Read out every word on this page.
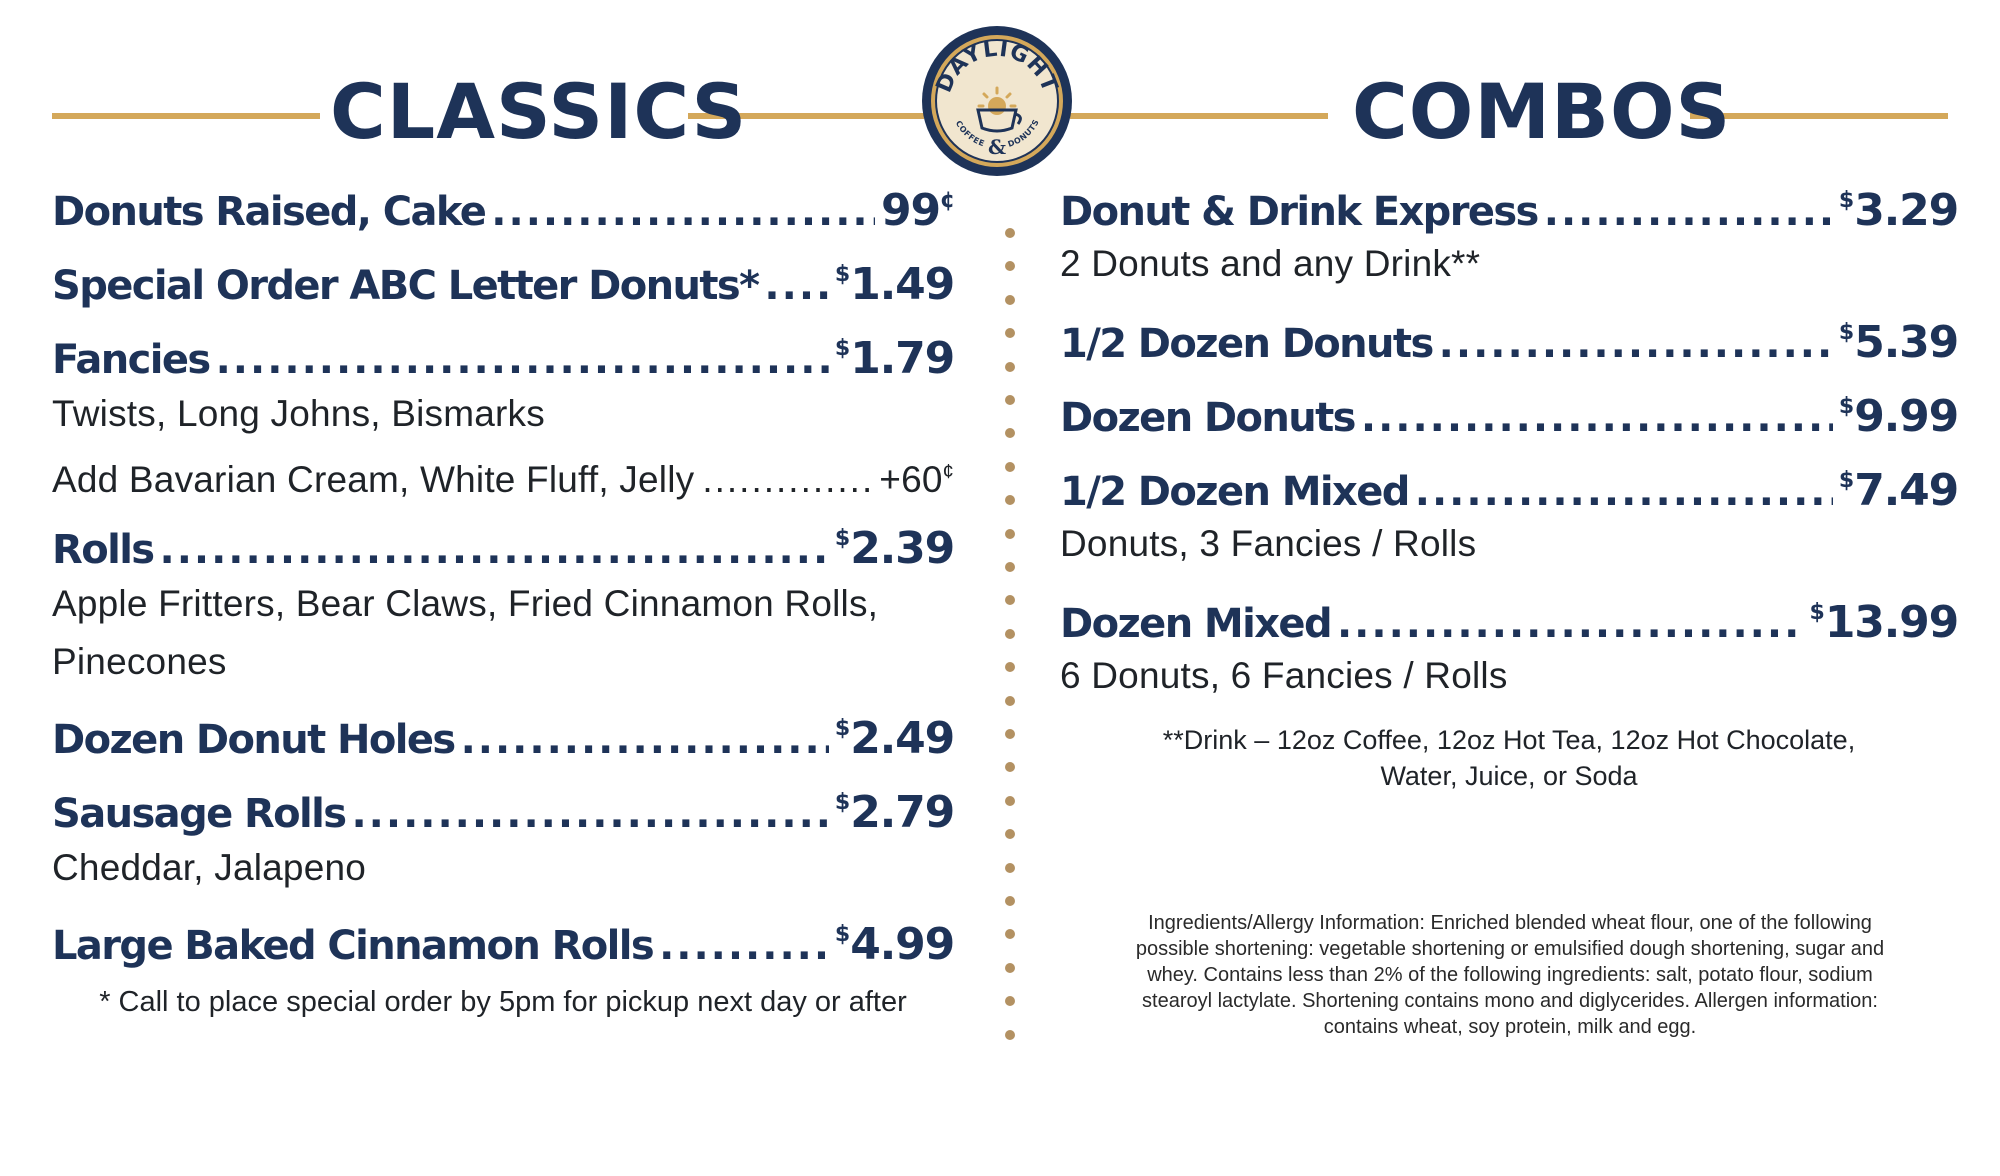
CLASSICS	COMBOS
DAYLIGHT
COFFEE	DONUTS
&
Donuts Raised, Cake .....	99¢
Special Order ABC Letter Donuts* .....	$1.49
Fancies .....	$1.79
Twists, Long Johns, Bismarks
Add Bavarian Cream, White Fluff, Jelly .....	+60¢
Rolls .....	$2.39
Apple Fritters, Bear Claws, Fried Cinnamon Rolls,
Pinecones
Dozen Donut Holes .....	$2.49
Sausage Rolls .....	$2.79
Cheddar, Jalapeno
Large Baked Cinnamon Rolls .....	$4.99
* Call to place special order by 5pm for pickup next day or after
Donut & Drink Express .....	$3.29
2 Donuts and any Drink**
1/2 Dozen Donuts .....	$5.39
Dozen Donuts .....	$9.99
1/2 Dozen Mixed .....	$7.49
Donuts, 3 Fancies / Rolls
Dozen Mixed .....	$13.99
6 Donuts, 6 Fancies / Rolls
**Drink – 12oz Coffee, 12oz Hot Tea, 12oz Hot Chocolate,
Water, Juice, or Soda
Ingredients/Allergy Information: Enriched blended wheat flour, one of the following
possible shortening: vegetable shortening or emulsified dough shortening, sugar and
whey. Contains less than 2% of the following ingredients: salt, potato flour, sodium
stearoyl lactylate. Shortening contains mono and diglycerides. Allergen information:
contains wheat, soy protein, milk and egg.
